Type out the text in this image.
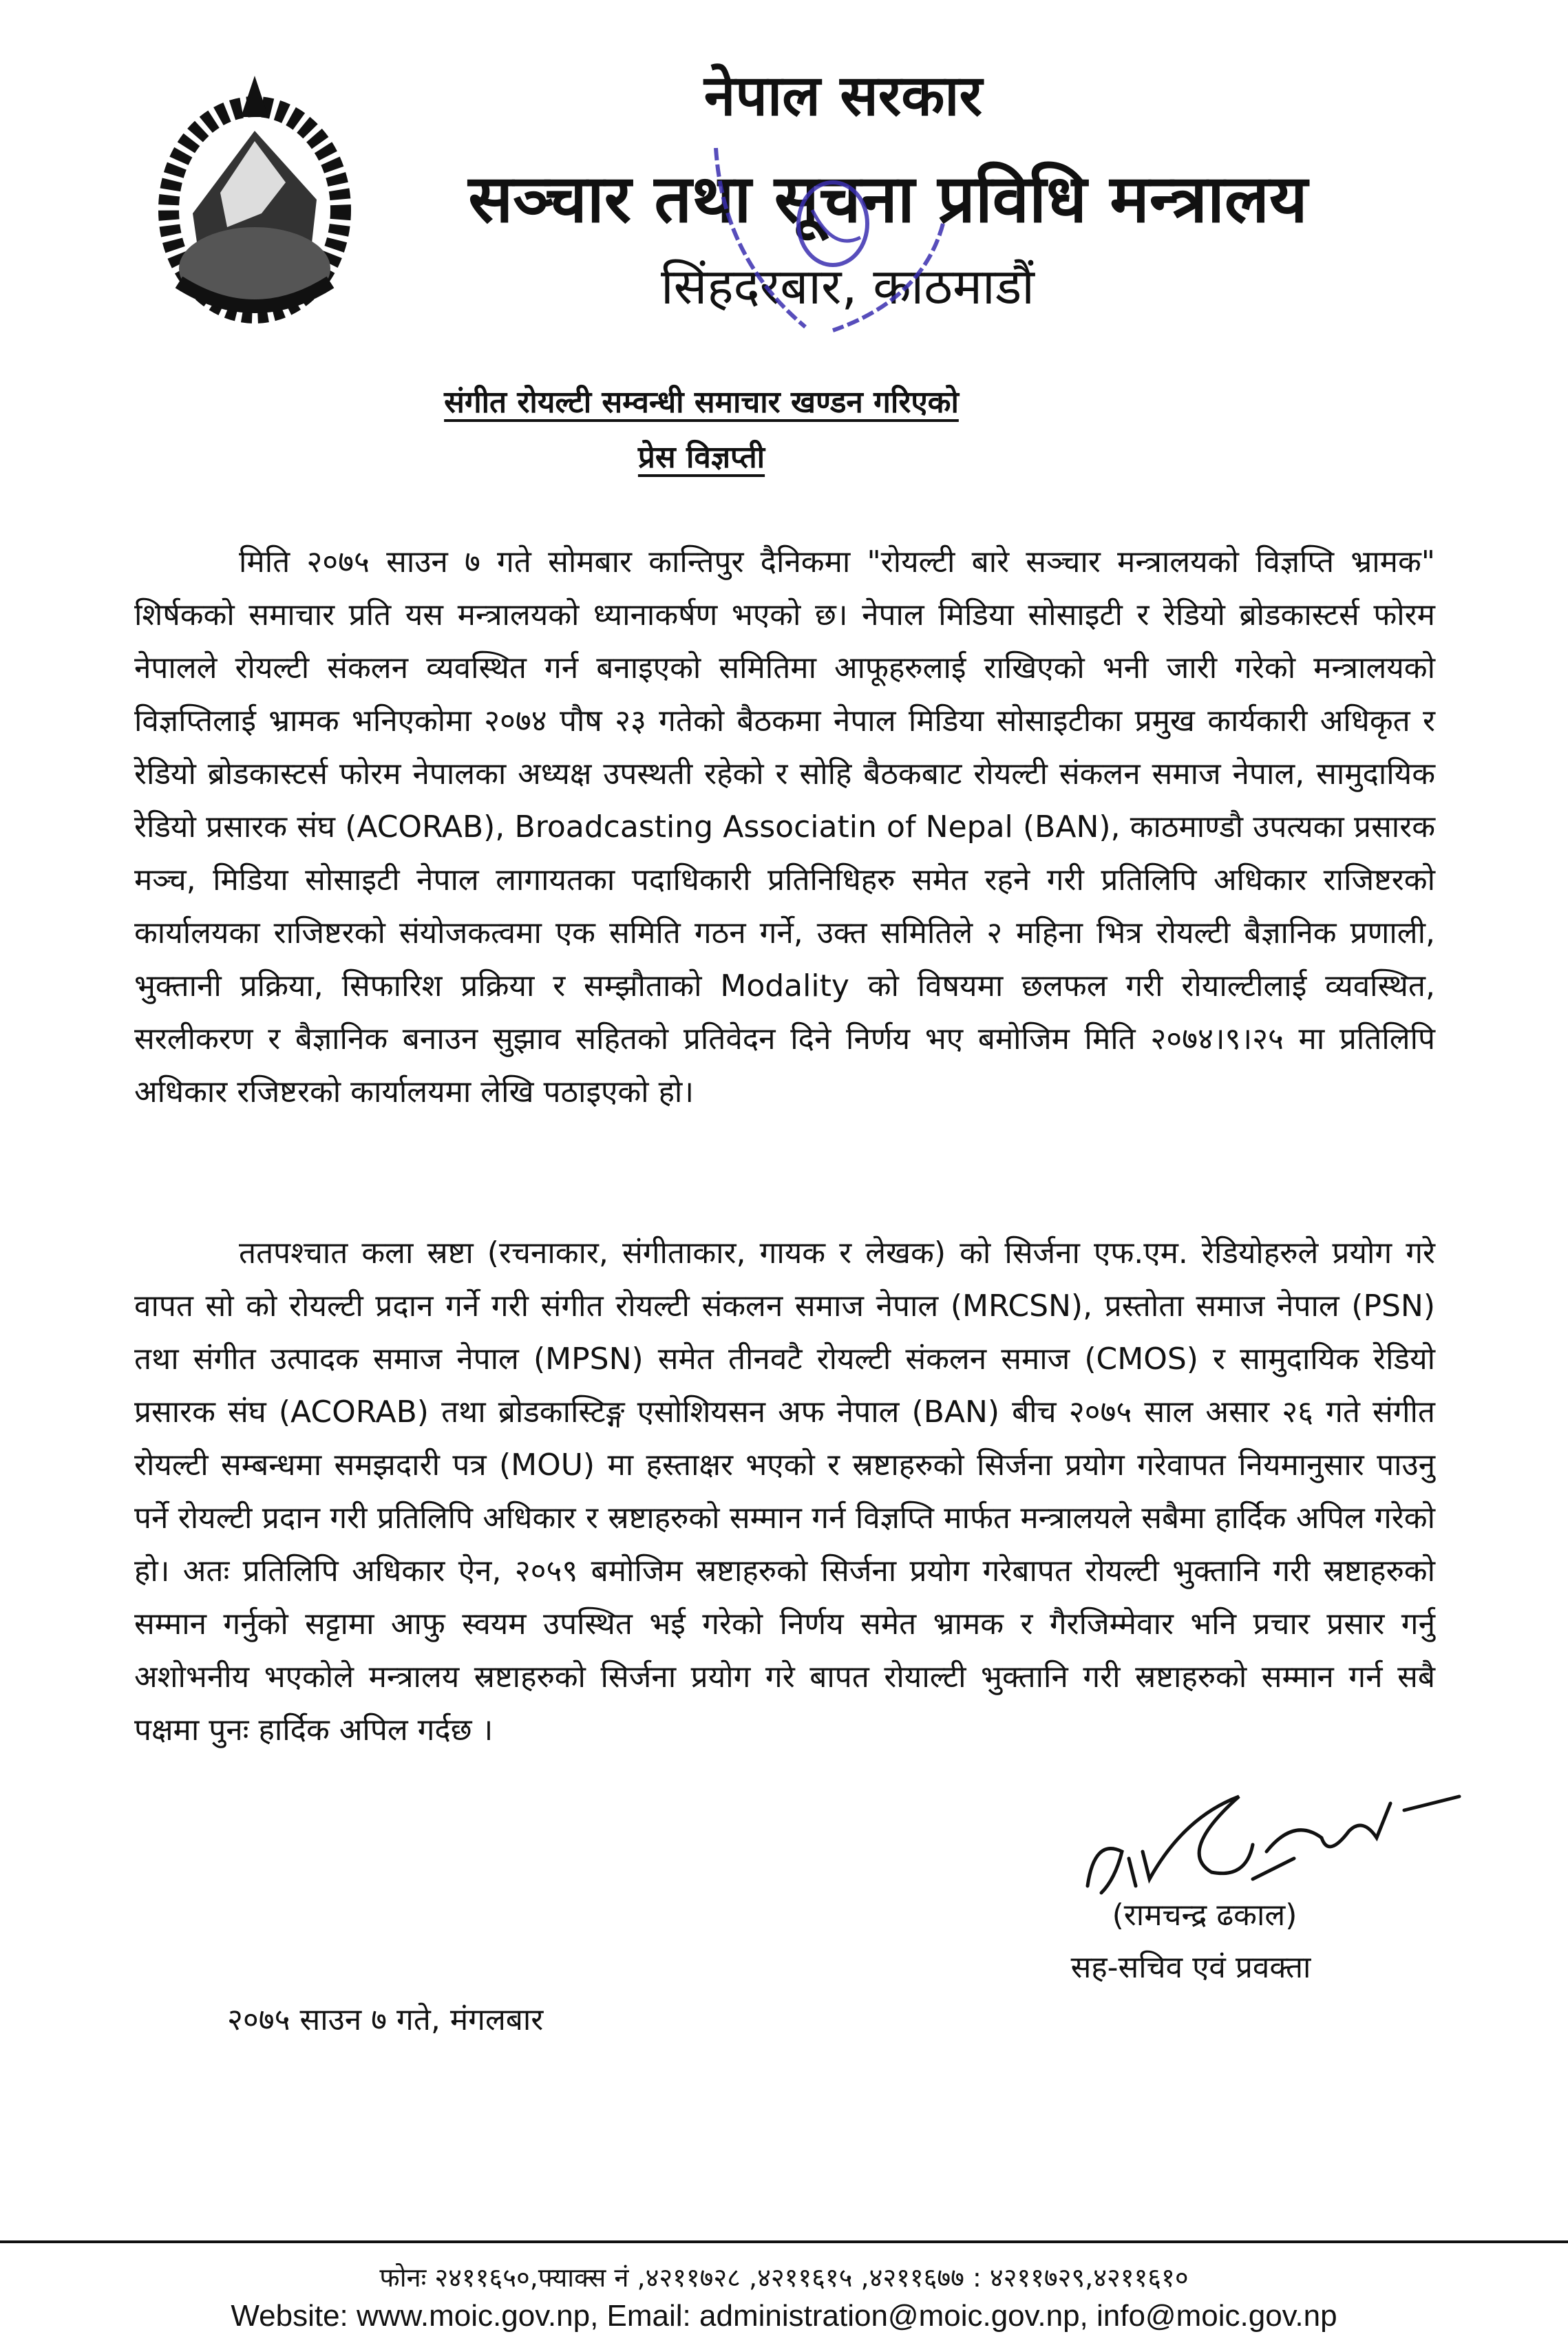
नेपाल सरकार
सञ्चार तथा सूचना प्रविधि मन्त्रालय
सिंहदरबार, काठमाडौं
संगीत रोयल्टी सम्वन्धी समाचार खण्डन गरिएको
प्रेस विज्ञप्ती

मिति २०७५ साउन ७ गते सोमबार कान्तिपुर दैनिकमा "रोयल्टी बारे सञ्चार मन्त्रालयको विज्ञप्ति भ्रामक" शिर्षकको समाचार प्रति यस मन्त्रालयको ध्यानाकर्षण भएको छ। नेपाल मिडिया सोसाइटी र रेडियो ब्रोडकास्टर्स फोरम नेपालले रोयल्टी संकलन व्यवस्थित गर्न बनाइएको समितिमा आफूहरुलाई राखिएको भनी जारी गरेको मन्त्रालयको विज्ञप्तिलाई भ्रामक भनिएकोमा २०७४ पौष २३ गतेको बैठकमा नेपाल मिडिया सोसाइटीका प्रमुख कार्यकारी अधिकृत र रेडियो ब्रोडकास्टर्स फोरम नेपालका अध्यक्ष उपस्थती रहेको र सोहि बैठकबाट रोयल्टी संकलन समाज नेपाल, सामुदायिक रेडियो प्रसारक संघ (ACORAB), Broadcasting Associatin of Nepal (BAN), काठमाण्डौ उपत्यका प्रसारक मञ्च, मिडिया सोसाइटी नेपाल लागायतका पदाधिकारी प्रतिनिधिहरु समेत रहने गरी प्रतिलिपि अधिकार राजिष्टरको कार्यालयका राजिष्टरको संयोजकत्वमा एक समिति गठन गर्ने, उक्त समितिले २ महिना भित्र रोयल्टी बैज्ञानिक प्रणाली, भुक्तानी प्रक्रिया, सिफारिश प्रक्रिया र सम्झौताको Modality को विषयमा छलफल गरी रोयाल्टीलाई व्यवस्थित, सरलीकरण र बैज्ञानिक बनाउन सुझाव सहितको प्रतिवेदन दिने निर्णय भए बमोजिम मिति २०७४।९।२५ मा प्रतिलिपि अधिकार रजिष्टरको कार्यालयमा लेखि पठाइएको हो।

ततपश्चात कला स्रष्टा (रचनाकार, संगीताकार, गायक र लेखक) को सिर्जना एफ.एम. रेडियोहरुले प्रयोग गरे वापत सो को रोयल्टी प्रदान गर्ने गरी संगीत रोयल्टी संकलन समाज नेपाल (MRCSN), प्रस्तोता समाज नेपाल (PSN) तथा संगीत उत्पादक समाज नेपाल (MPSN) समेत तीनवटै रोयल्टी संकलन समाज (CMOS) र सामुदायिक रेडियो प्रसारक संघ (ACORAB) तथा ब्रोडकास्टिङ्ग एसोशियसन अफ नेपाल (BAN) बीच २०७५ साल असार २६ गते संगीत रोयल्टी सम्बन्धमा समझदारी पत्र (MOU) मा हस्ताक्षर भएको र स्रष्टाहरुको सिर्जना प्रयोग गरेवापत नियमानुसार पाउनु पर्ने रोयल्टी प्रदान गरी प्रतिलिपि अधिकार र स्रष्टाहरुको सम्मान गर्न विज्ञप्ति मार्फत मन्त्रालयले सबैमा हार्दिक अपिल गरेको हो। अतः प्रतिलिपि अधिकार ऐन, २०५९ बमोजिम स्रष्टाहरुको सिर्जना प्रयोग गरेबापत रोयल्टी भुक्तानि गरी स्रष्टाहरुको सम्मान गर्नुको सट्टामा आफु स्वयम उपस्थित भई गरेको निर्णय समेत भ्रामक र गैरजिम्मेवार भनि प्रचार प्रसार गर्नु अशोभनीय भएकोले मन्त्रालय स्रष्टाहरुको सिर्जना प्रयोग गरे बापत रोयाल्टी भुक्तानि गरी स्रष्टाहरुको सम्मान गर्न सबै पक्षमा पुनः हार्दिक अपिल गर्दछ ।

(रामचन्द्र ढकाल)
सह-सचिव एवं प्रवक्ता
२०७५ साउन ७ गते, मंगलबार
फोनः २४११६५०,फ्याक्स नं ,४२११७२८ ,४२११६१५ ,४२११६७७ : ४२११७२९,४२११६१०
Website: www.moic.gov.np, Email: administration@moic.gov.np, info@moic.gov.np
